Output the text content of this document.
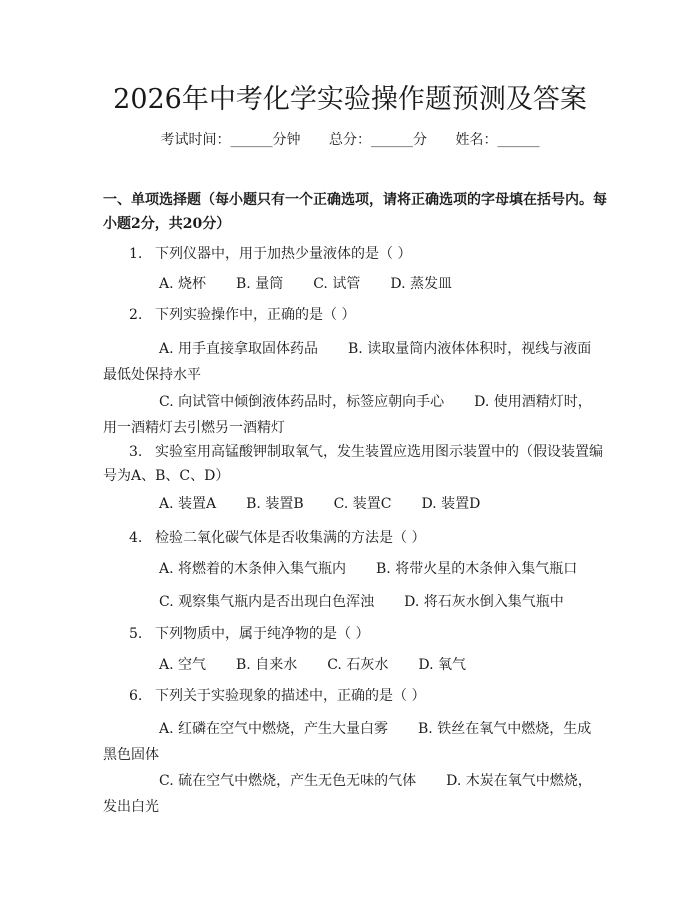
2026年中考化学实验操作题预测及答案
考试时间：______分钟 总分：______分 姓名：______
一、单项选择题（每小题只有一个正确选项，请将正确选项的字母填在括号内。每小题2分，共20分）
1. 下列仪器中，用于加热少量液体的是（ ）
A. 烧杯 B. 量筒 C. 试管 D. 蒸发皿
2. 下列实验操作中，正确的是（ ）
A. 用手直接拿取固体药品 B. 读取量筒内液体体积时，视线与液面最低处保持水平
C. 向试管中倾倒液体药品时，标签应朝向手心 D. 使用酒精灯时，用一酒精灯去引燃另一酒精灯
3. 实验室用高锰酸钾制取氧气，发生装置应选用图示装置中的（假设装置编号为A、B、C、D）
A. 装置A B. 装置B C. 装置C D. 装置D
4. 检验二氧化碳气体是否收集满的方法是（ ）
A. 将燃着的木条伸入集气瓶内 B. 将带火星的木条伸入集气瓶口
C. 观察集气瓶内是否出现白色浑浊 D. 将石灰水倒入集气瓶中
5. 下列物质中，属于纯净物的是（ ）
A. 空气 B. 自来水 C. 石灰水 D. 氧气
6. 下列关于实验现象的描述中，正确的是（ ）
A. 红磷在空气中燃烧，产生大量白雾 B. 铁丝在氧气中燃烧，生成黑色固体
C. 硫在空气中燃烧，产生无色无味的气体 D. 木炭在氧气中燃烧，发出白光
